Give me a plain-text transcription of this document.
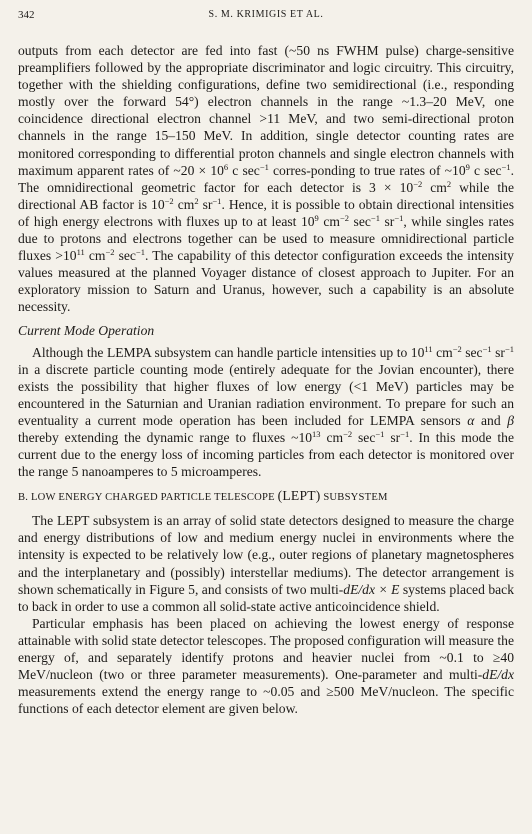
342	S. M. KRIMIGIS ET AL.

outputs from each detector are fed into fast (~50 ns FWHM pulse) charge-sensitive preamplifiers followed by the appropriate discriminator and logic circuitry. This circuitry, together with the shielding configurations, define two semidirectional (i.e., responding mostly over the forward 54°) electron channels in the range ~1.3–20 MeV, one coincidence directional electron channel >11 MeV, and two semi-directional proton channels in the range 15–150 MeV. In addition, single detector counting rates are monitored corresponding to differential proton channels and single electron channels with maximum apparent rates of ~20 × $10^6$ c $\sec^{-1}$ corres-ponding to true rates of $\sim 10^9$ c $\sec^{-1}$. The omnidirectional geometric factor for each detector is $3 \times 10^{-2}$ $cm^2$ while the directional AB factor is $10^{-2}$ $cm^2$ $sr^{-1}$. Hence, it is possible to obtain directional intensities of high energy electrons with fluxes up to at least $10^9$ $cm^{-2}$ $\sec^{-1} sr^{-1}$, while singles rates due to protons and electrons together can be used to measure omnidirectional particle fluxes $>10^{11}$ $cm^{-2}$ $\sec^{-1}$. The capability of this detector configuration exceeds the intensity values measured at the planned Voyager distance of closest approach to Jupiter. For an exploratory mission to Saturn and Uranus, however, such a capability is an absolute necessity.

Current Mode Operation

Although the LEMPA subsystem can handle particle intensities up to $10^{11}$ $cm^{-2}$ $\sec^{-1} sr^{-1}$ in a discrete particle counting mode (entirely adequate for the Jovian encounter), there exists the possibility that higher fluxes of low energy (<1 MeV) particles may be encountered in the Saturnian and Uranian radiation environment. To prepare for such an eventuality a current mode operation has been included for LEMPA sensors α and β thereby extending the dynamic range to fluxes $\sim 10^{13}$ $cm^{-2}$ $\sec^{-1} sr^{-1}$. In this mode the current due to the energy loss of incoming particles from each detector is monitored over the range 5 nanoamperes to 5 microamperes.

B. LOW ENERGY CHARGED PARTICLE TELESCOPE (LEPT) SUBSYSTEM

The LEPT subsystem is an array of solid state detectors designed to measure the charge and energy distributions of low and medium energy nuclei in environments where the intensity is expected to be relatively low (e.g., outer regions of planetary magnetospheres and the interplanetary and (possibly) interstellar mediums). The detector arrangement is shown schematically in Figure 5, and consists of two multi-dE/dx × E systems placed back to back in order to use a common all solid-state active anticoincidence shield.

Particular emphasis has been placed on achieving the lowest energy of response attainable with solid state detector telescopes. The proposed configuration will measure the energy of, and separately identify protons and heavier nuclei from ~0.1 to ≥40 MeV/nucleon (two or three parameter measurements). One-parameter and multi-dE/dx measurements extend the energy range to ~0.05 and ≥500 MeV/nucleon. The specific functions of each detector element are given below.
